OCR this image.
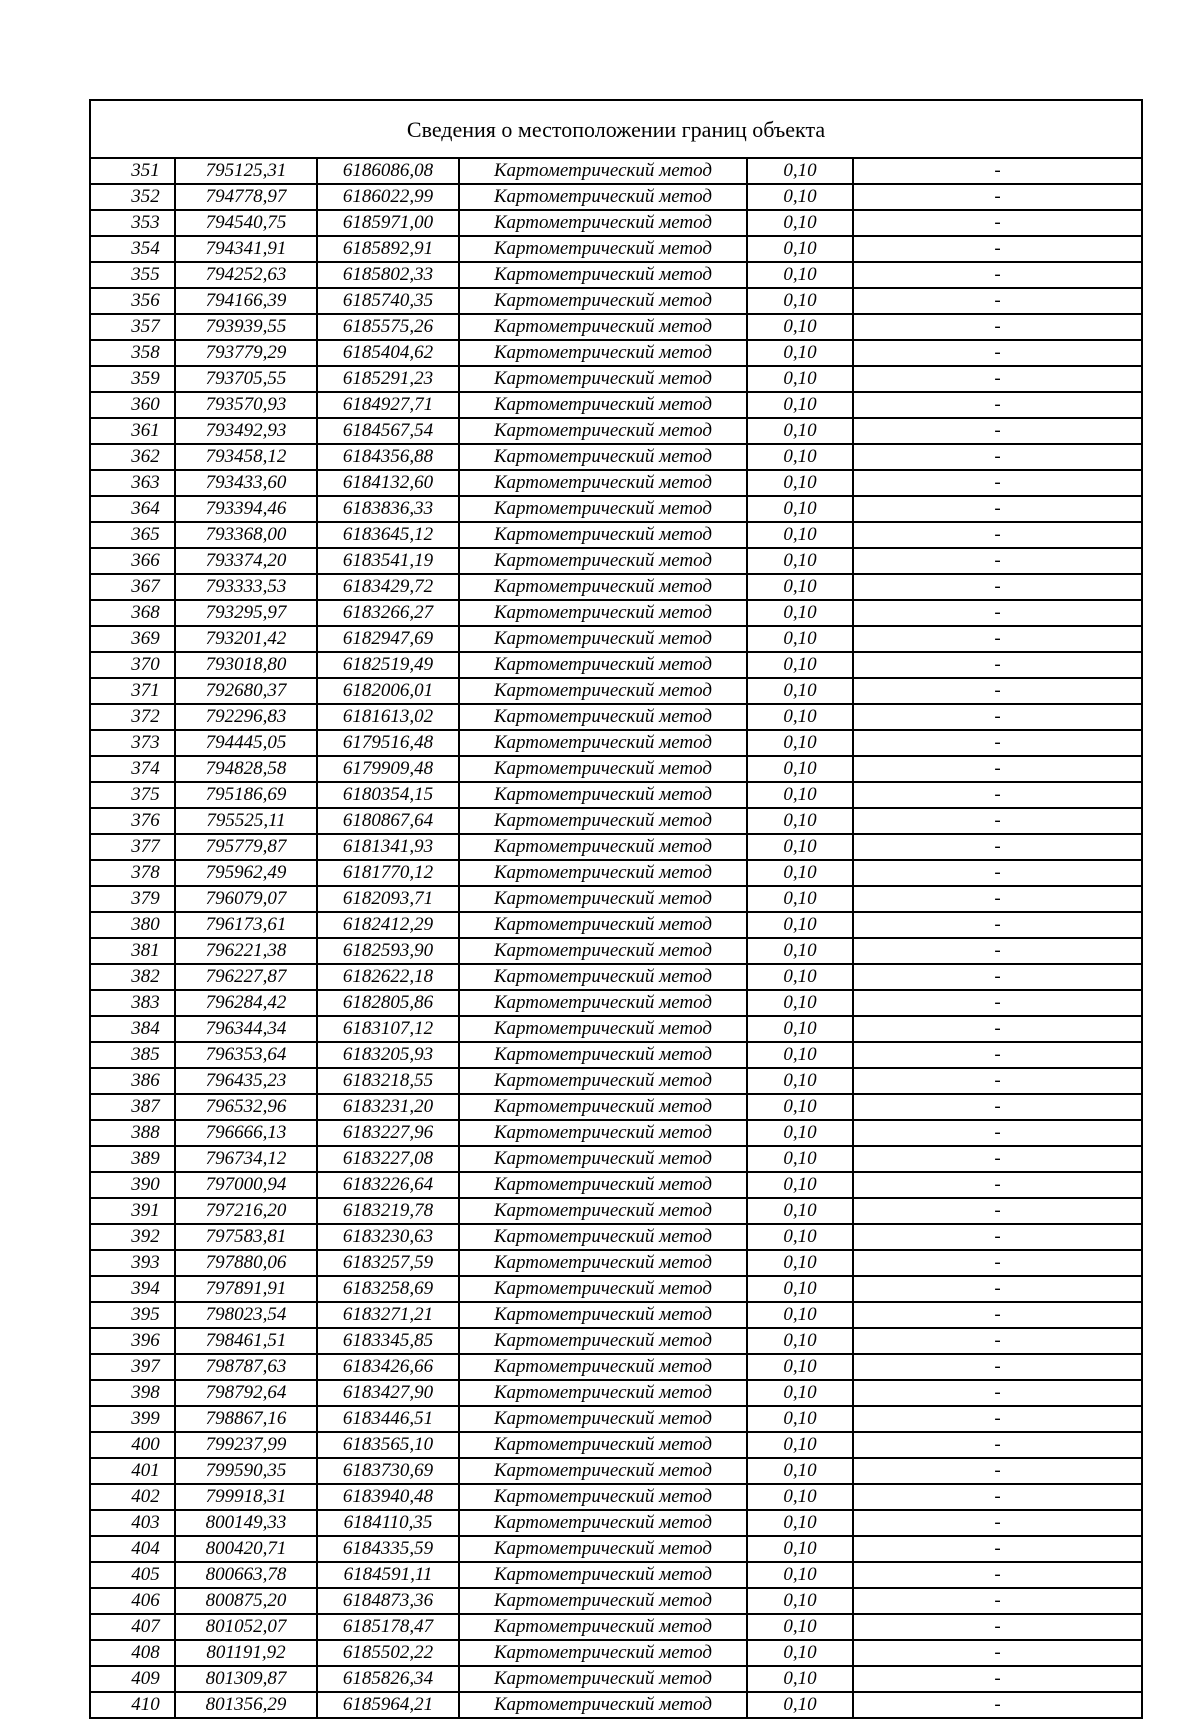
Сведения о местоположении границ объекта
351	795125,31	6186086,08	Картометрический метод	0,10	-
352	794778,97	6186022,99	Картометрический метод	0,10	-
353	794540,75	6185971,00	Картометрический метод	0,10	-
354	794341,91	6185892,91	Картометрический метод	0,10	-
355	794252,63	6185802,33	Картометрический метод	0,10	-
356	794166,39	6185740,35	Картометрический метод	0,10	-
357	793939,55	6185575,26	Картометрический метод	0,10	-
358	793779,29	6185404,62	Картометрический метод	0,10	-
359	793705,55	6185291,23	Картометрический метод	0,10	-
360	793570,93	6184927,71	Картометрический метод	0,10	-
361	793492,93	6184567,54	Картометрический метод	0,10	-
362	793458,12	6184356,88	Картометрический метод	0,10	-
363	793433,60	6184132,60	Картометрический метод	0,10	-
364	793394,46	6183836,33	Картометрический метод	0,10	-
365	793368,00	6183645,12	Картометрический метод	0,10	-
366	793374,20	6183541,19	Картометрический метод	0,10	-
367	793333,53	6183429,72	Картометрический метод	0,10	-
368	793295,97	6183266,27	Картометрический метод	0,10	-
369	793201,42	6182947,69	Картометрический метод	0,10	-
370	793018,80	6182519,49	Картометрический метод	0,10	-
371	792680,37	6182006,01	Картометрический метод	0,10	-
372	792296,83	6181613,02	Картометрический метод	0,10	-
373	794445,05	6179516,48	Картометрический метод	0,10	-
374	794828,58	6179909,48	Картометрический метод	0,10	-
375	795186,69	6180354,15	Картометрический метод	0,10	-
376	795525,11	6180867,64	Картометрический метод	0,10	-
377	795779,87	6181341,93	Картометрический метод	0,10	-
378	795962,49	6181770,12	Картометрический метод	0,10	-
379	796079,07	6182093,71	Картометрический метод	0,10	-
380	796173,61	6182412,29	Картометрический метод	0,10	-
381	796221,38	6182593,90	Картометрический метод	0,10	-
382	796227,87	6182622,18	Картометрический метод	0,10	-
383	796284,42	6182805,86	Картометрический метод	0,10	-
384	796344,34	6183107,12	Картометрический метод	0,10	-
385	796353,64	6183205,93	Картометрический метод	0,10	-
386	796435,23	6183218,55	Картометрический метод	0,10	-
387	796532,96	6183231,20	Картометрический метод	0,10	-
388	796666,13	6183227,96	Картометрический метод	0,10	-
389	796734,12	6183227,08	Картометрический метод	0,10	-
390	797000,94	6183226,64	Картометрический метод	0,10	-
391	797216,20	6183219,78	Картометрический метод	0,10	-
392	797583,81	6183230,63	Картометрический метод	0,10	-
393	797880,06	6183257,59	Картометрический метод	0,10	-
394	797891,91	6183258,69	Картометрический метод	0,10	-
395	798023,54	6183271,21	Картометрический метод	0,10	-
396	798461,51	6183345,85	Картометрический метод	0,10	-
397	798787,63	6183426,66	Картометрический метод	0,10	-
398	798792,64	6183427,90	Картометрический метод	0,10	-
399	798867,16	6183446,51	Картометрический метод	0,10	-
400	799237,99	6183565,10	Картометрический метод	0,10	-
401	799590,35	6183730,69	Картометрический метод	0,10	-
402	799918,31	6183940,48	Картометрический метод	0,10	-
403	800149,33	6184110,35	Картометрический метод	0,10	-
404	800420,71	6184335,59	Картометрический метод	0,10	-
405	800663,78	6184591,11	Картометрический метод	0,10	-
406	800875,20	6184873,36	Картометрический метод	0,10	-
407	801052,07	6185178,47	Картометрический метод	0,10	-
408	801191,92	6185502,22	Картометрический метод	0,10	-
409	801309,87	6185826,34	Картометрический метод	0,10	-
410	801356,29	6185964,21	Картометрический метод	0,10	-
